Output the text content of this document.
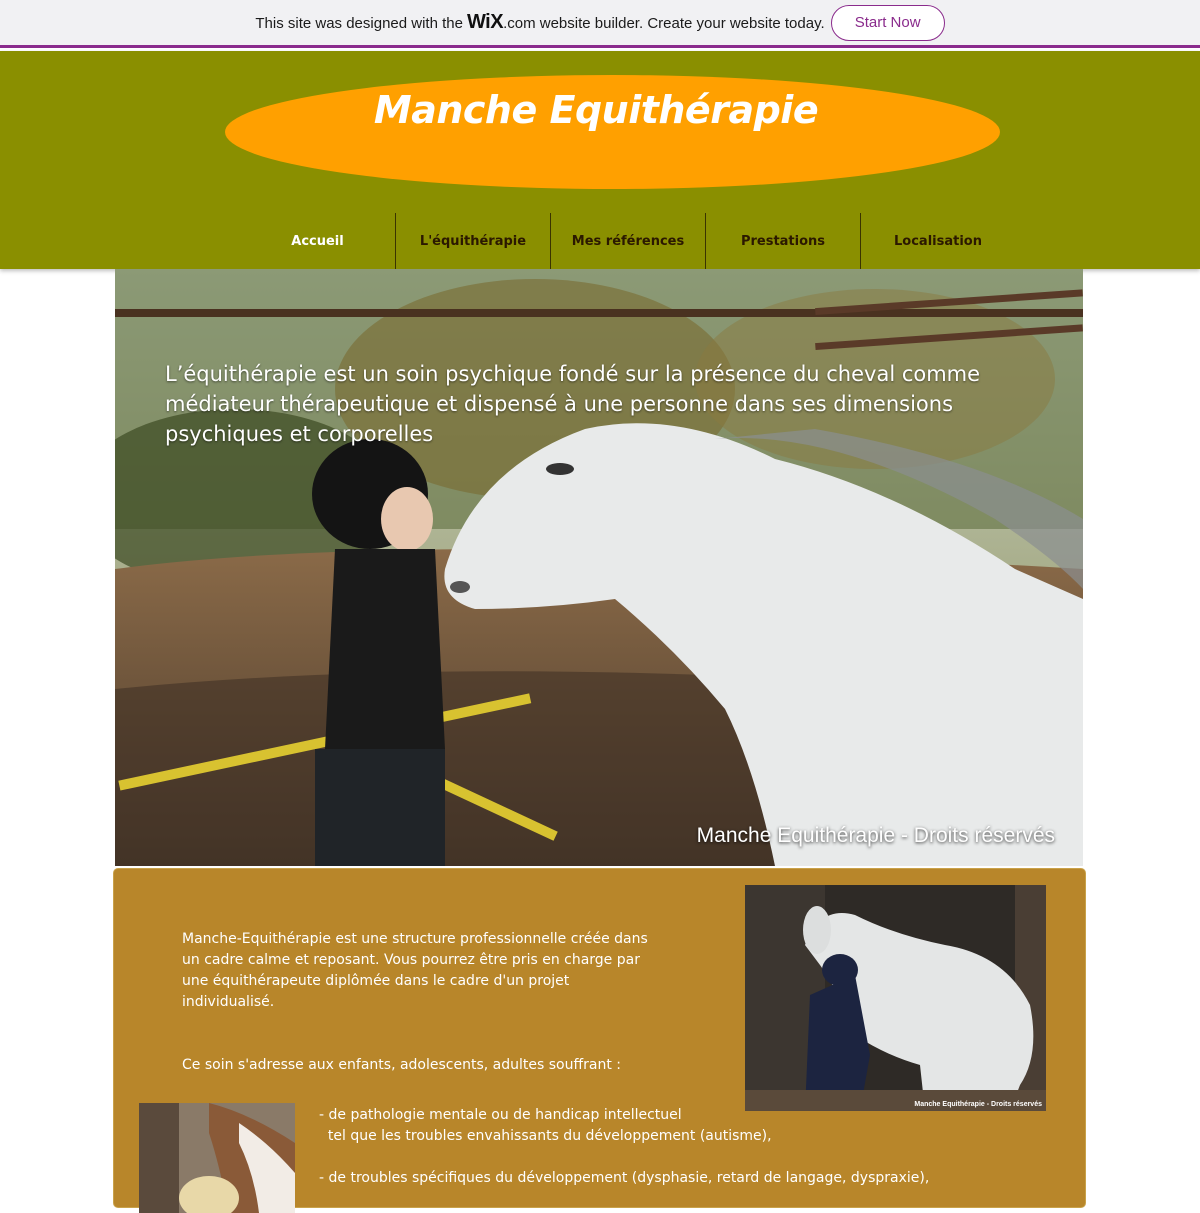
This site was designed with the WiX .com website builder. Create your website today.	Start Now
Manche Equithérapie
Accueil	L'équithérapie	Mes références	Prestations	Localisation
L’équithérapie est un soin psychique fondé sur la présence du cheval comme médiateur thérapeutique et dispensé à une personne dans ses dimensions psychiques et corporelles
Manche Equithérapie - Droits réservés
Manche-Equithérapie est une structure professionnelle créée dans un cadre calme et reposant. Vous pourrez être pris en charge par une équithérapeute diplômée dans le cadre d'un projet individualisé.
Ce soin s'adresse aux enfants, adolescents, adultes souffrant :
- de pathologie mentale ou de handicap intellectuel
tel que les troubles envahissants du développement (autisme),
- de troubles spécifiques du développement (dysphasie, retard de langage, dyspraxie),
Manche Equithérapie - Droits réservés
